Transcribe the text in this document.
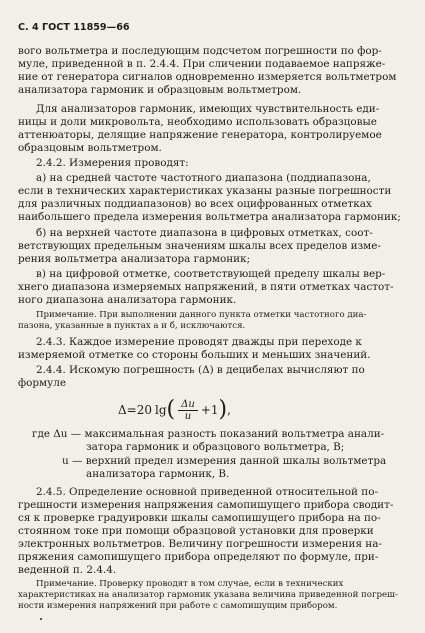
С. 4 ГОСТ 11859—66
вого вольтметра и последующим подсчетом погрешности по фор-
муле, приведенной в п. 2.4.4. При сличении подаваемое напряже-
ние от генератора сигналов одновременно измеряется вольтметром
анализатора гармоник и образцовым вольтметром.
Для анализаторов гармоник, имеющих чувствительность еди-
ницы и доли микровольта, необходимо использовать образцовые
аттенюаторы, делящие напряжение генератора, контролируемое
образцовым вольтметром.
2.4.2. Измерения проводят:
а) на средней частоте частотного диапазона (поддиапазона,
если в технических характеристиках указаны разные погрешности
для различных поддиапазонов) во всех оцифрованных отметках
наибольшего предела измерения вольтметра анализатора гармоник;
б) на верхней частоте диапазона в цифровых отметках, соот-
ветствующих предельным значениям шкалы всех пределов изме-
рения вольтметра анализатора гармоник;
в) на цифровой отметке, соответствующей пределу шкалы вер-
хнего диапазона измеряемых напряжений, в пяти отметках частот-
ного диапазона анализатора гармоник.
Примечание. При выполнении данного пункта отметки частотного диа-
пазона, указанные в пунктах а и б, исключаются.
2.4.3. Каждое измерение проводят дважды при переходе к
измеряемой отметке со стороны больших и меньших значений.
2.4.4. Искомую погрешность (Δ) в децибелах вычисляют по
формуле
Δ = 20 lg ( $\frac{\Delta u}{u} + 1$ ) ,
где Δu — максимальная разность показаний вольтметра анали-
заторa гармоник и образцового вольтметра, В;
u — верхний предел измерения данной шкалы вольтметра
анализатора гармоник, В.
2.4.5. Определение основной приведенной относительной по-
грешности измерения напряжения самопишущего прибора сводит-
ся к проверке градуировки шкалы самопишущего прибора на по-
стоянном токе при помощи образцовой установки для проверки
электронных вольтметров. Величину погрешности измерения на-
пряжения самопишущего прибора определяют по формуле, при-
веденной п. 2.4.4.
Примечание. Проверку проводят в том случае, если в технических
характеристиках на анализатор гармоник указана величина приведенной погреш-
ности измерения напряжений при работе с самопишущим прибором.
